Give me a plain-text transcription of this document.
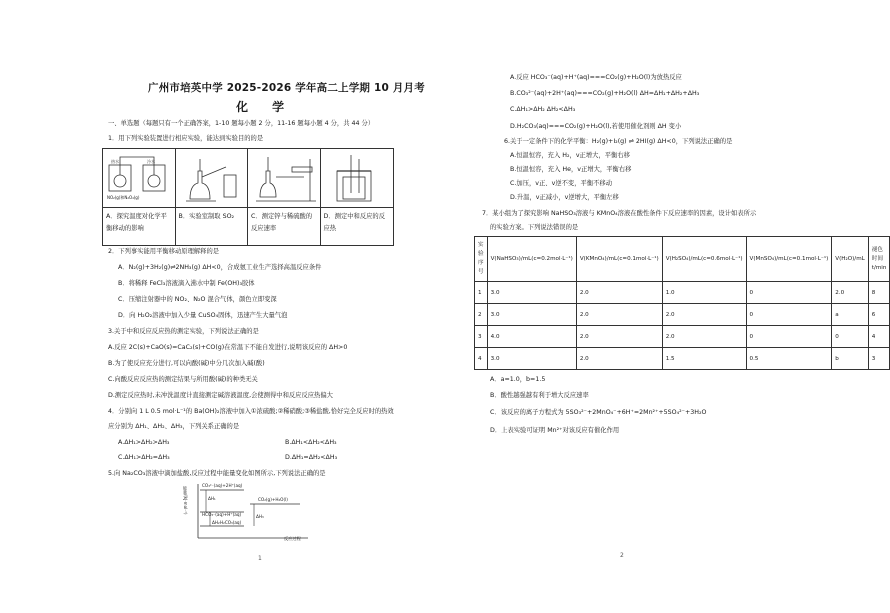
广州市培英中学 2025-2026 学年高二上学期 10 月月考
化 学
一、单选题（每题只有一个正确答案，1-10 题每小题 2 分，11-16 题每小题 4 分，共 44 分）
1．用下列实验装置进行相应实验，能达到实验目的的是
热水	冷水
NO₂(g)和N₂O₄(g)
A．探究温度对化学平衡移动的影响
B．实验室制取 SO₂	C．测定锌与稀硫酸的反应速率
D．测定中和反应的反应热
2．下列事实能用平衡移动原理解释的是
A．N₂(g)+3H₂(g)⇌2NH₃(g) ΔH<0，合成氨工业生产选择高温反应条件
B．将稀释 FeCl₃溶液滴入沸水中制 Fe(OH)₃胶体
C．压缩注射器中的 NO₂、N₂O 混合气体，颜色立即变深
D．向 H₂O₂溶液中加入少量 CuSO₄固体，迅速产生大量气泡
3.关于中和反应反应热的测定实验，下列说法正确的是
A.反应 2C(s)+CaO(s)=CaC₂(s)+CO(g)在常温下不能自发进行,说明该反应的 ΔH>0
B.为了使反应充分进行,可以向酸(碱)中分几次加入碱(酸)
C.向酸反应反应热的测定结果与所用酸(碱)的种类无关
D.测定反应热时,未冲洗温度计直接测定碱溶液温度,会使测得中和反应反应热偏大
4．分别向 1 L 0.5 mol·L⁻¹的 Ba(OH)₂溶液中加入①浓硫酸;②稀硝酸;③稀盐酸,恰好完全反应时的热效
应分别为 ΔH₁、ΔH₂、ΔH₃，下列关系正确的是
A.ΔH₁>ΔH₂>ΔH₃	B.ΔH₁<ΔH₂<ΔH₃
C.ΔH₁>ΔH₂=ΔH₃	D.ΔH₁=ΔH₂<ΔH₃
5.向 Na₂CO₃溶液中滴加盐酸,反应过程中能量变化如图所示,下列说法正确的是
能量/(kJ·mol⁻¹)
CO₃²⁻(aq)+2H⁺(aq)
ΔH₁
HCO₃⁻(aq)+H⁺(aq)
ΔH₂ H₂CO₃(aq)
CO₂(g)+H₂O(l)
ΔH₃
反应过程
1
A.反应 HCO₃⁻(aq)+H⁺(aq)===CO₂(g)+H₂O(l)为放热反应
B.CO₃²⁻(aq)+2H⁺(aq)===CO₂(g)+H₂O(l) ΔH=ΔH₁+ΔH₂+ΔH₃
C.ΔH₁>ΔH₂ ΔH₂<ΔH₃
D.H₂CO₃(aq)===CO₂(g)+H₂O(l),若使用催化剂则 ΔH 变小
6.关于一定条件下的化学平衡：H₂(g)+I₂(g) ⇌ 2HI(g) ΔH<0，下列说法正确的是
A.恒温恒容，充入 H₂，v正增大，平衡右移
B.恒温恒容，充入 He，v正增大，平衡右移
C.加压，v正、v逆不变，平衡不移动
D.升温，v正减小，v逆增大，平衡左移
7．某小组为了探究影响 NaHSO₃溶液与 KMnO₄溶液在酸性条件下反应速率的因素，设计如表所示
的实验方案。下列说法错误的是
实验序号	V(NaHSO₃)/mL(c=0.2mol·L⁻¹)	V(KMnO₄)/mL(c=0.1mol·L⁻¹)	V(H₂SO₄)/mL(c=0.6mol·L⁻¹)	V(MnSO₄)/mL(c=0.1mol·L⁻¹)	V(H₂O)/mL	褪色时间t/min
1	3.0	2.0	1.0	0	2.0	8
2	3.0	2.0	2.0	0	a	6
3	4.0	2.0	2.0	0	0	4
4	3.0	2.0	1.5	0.5	b	3
A．a=1.0，b=1.5
B．酸性越强越有利于增大反应速率
C．该反应的离子方程式为 5SO₃²⁻+2MnO₄⁻+6H⁺=2Mn²⁺+5SO₄²⁻+3H₂O
D．上表实验可证明 Mn²⁺对该反应有催化作用
2
